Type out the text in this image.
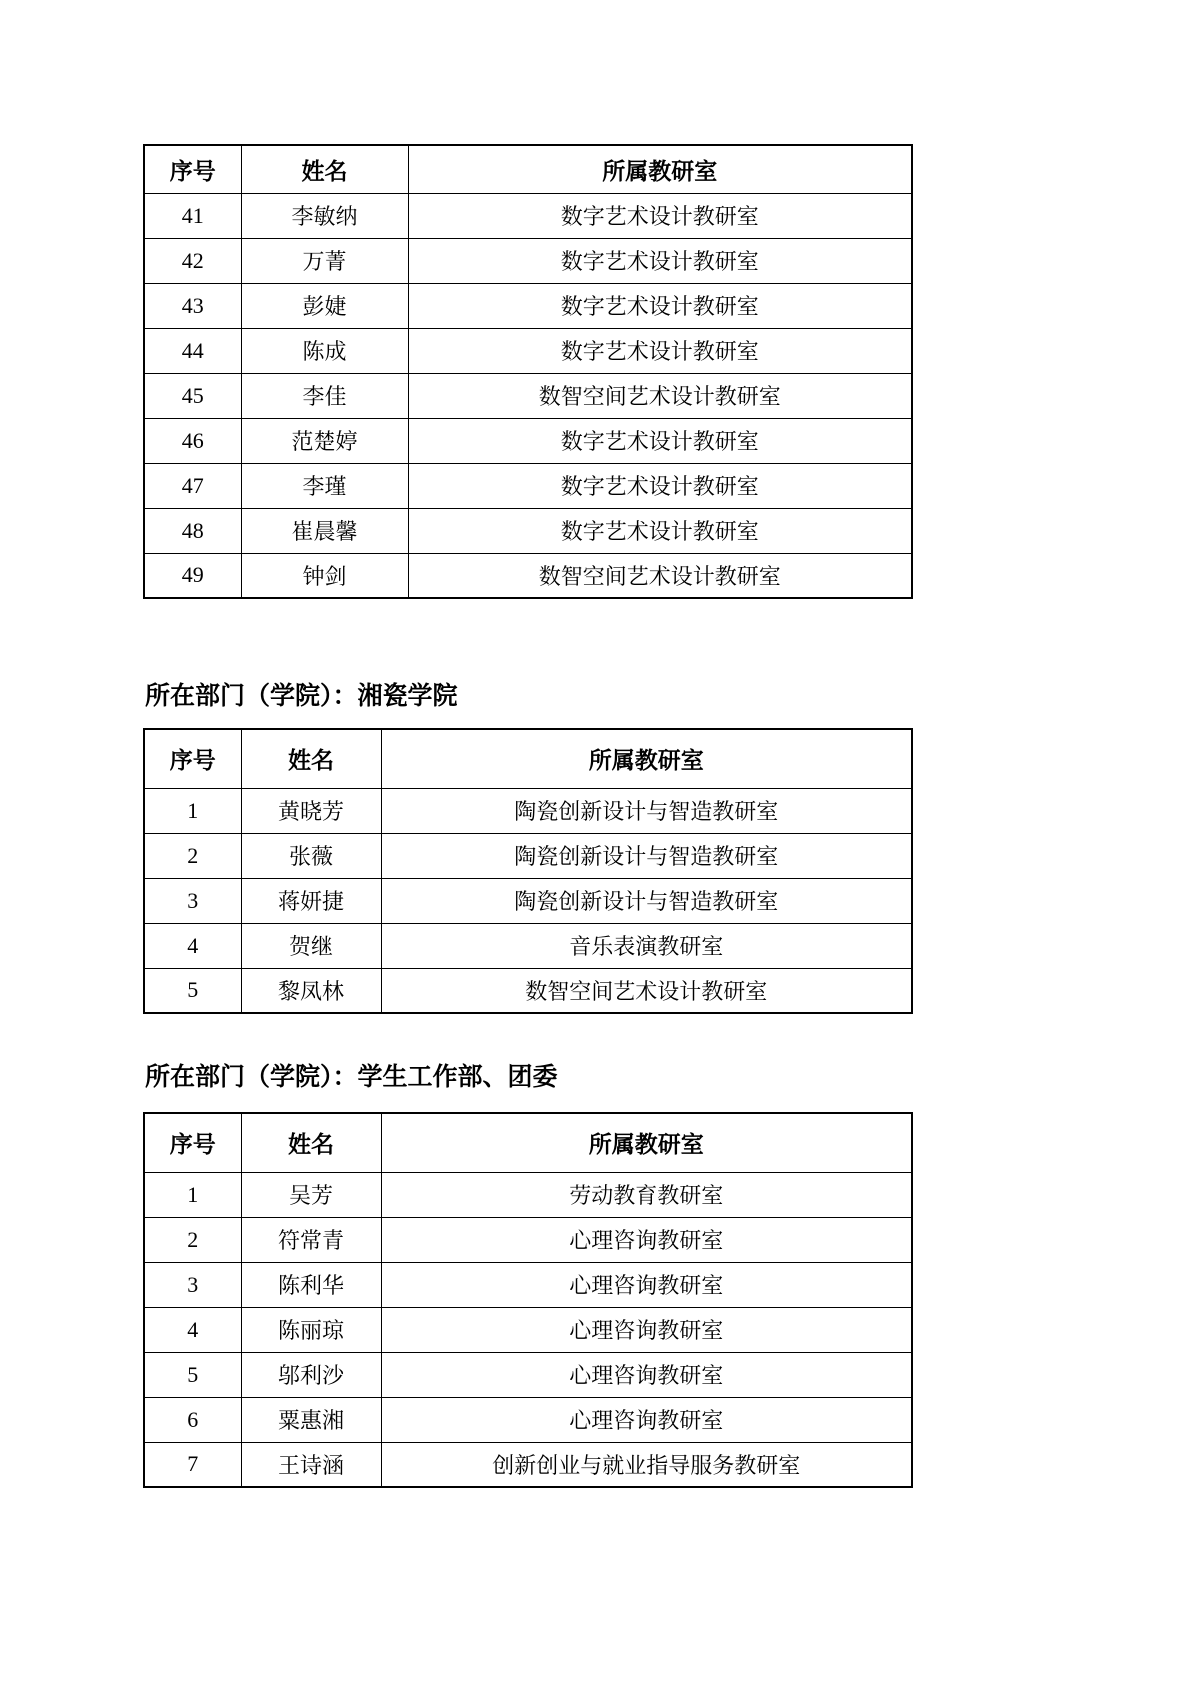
序号	姓名	所属教研室
41	李敏纳	数字艺术设计教研室
42	万菁	数字艺术设计教研室
43	彭婕	数字艺术设计教研室
44	陈成	数字艺术设计教研室
45	李佳	数智空间艺术设计教研室
46	范楚婷	数字艺术设计教研室
47	李瑾	数字艺术设计教研室
48	崔晨馨	数字艺术设计教研室
49	钟剑	数智空间艺术设计教研室
所在部门（学院）：湘瓷学院
序号	姓名	所属教研室
1	黄晓芳	陶瓷创新设计与智造教研室
2	张薇	陶瓷创新设计与智造教研室
3	蒋妍捷	陶瓷创新设计与智造教研室
4	贺继	音乐表演教研室
5	黎凤林	数智空间艺术设计教研室
所在部门（学院）：学生工作部、团委
序号	姓名	所属教研室
1	吴芳	劳动教育教研室
2	符常青	心理咨询教研室
3	陈利华	心理咨询教研室
4	陈丽琼	心理咨询教研室
5	邬利沙	心理咨询教研室
6	粟惠湘	心理咨询教研室
7	王诗涵	创新创业与就业指导服务教研室
